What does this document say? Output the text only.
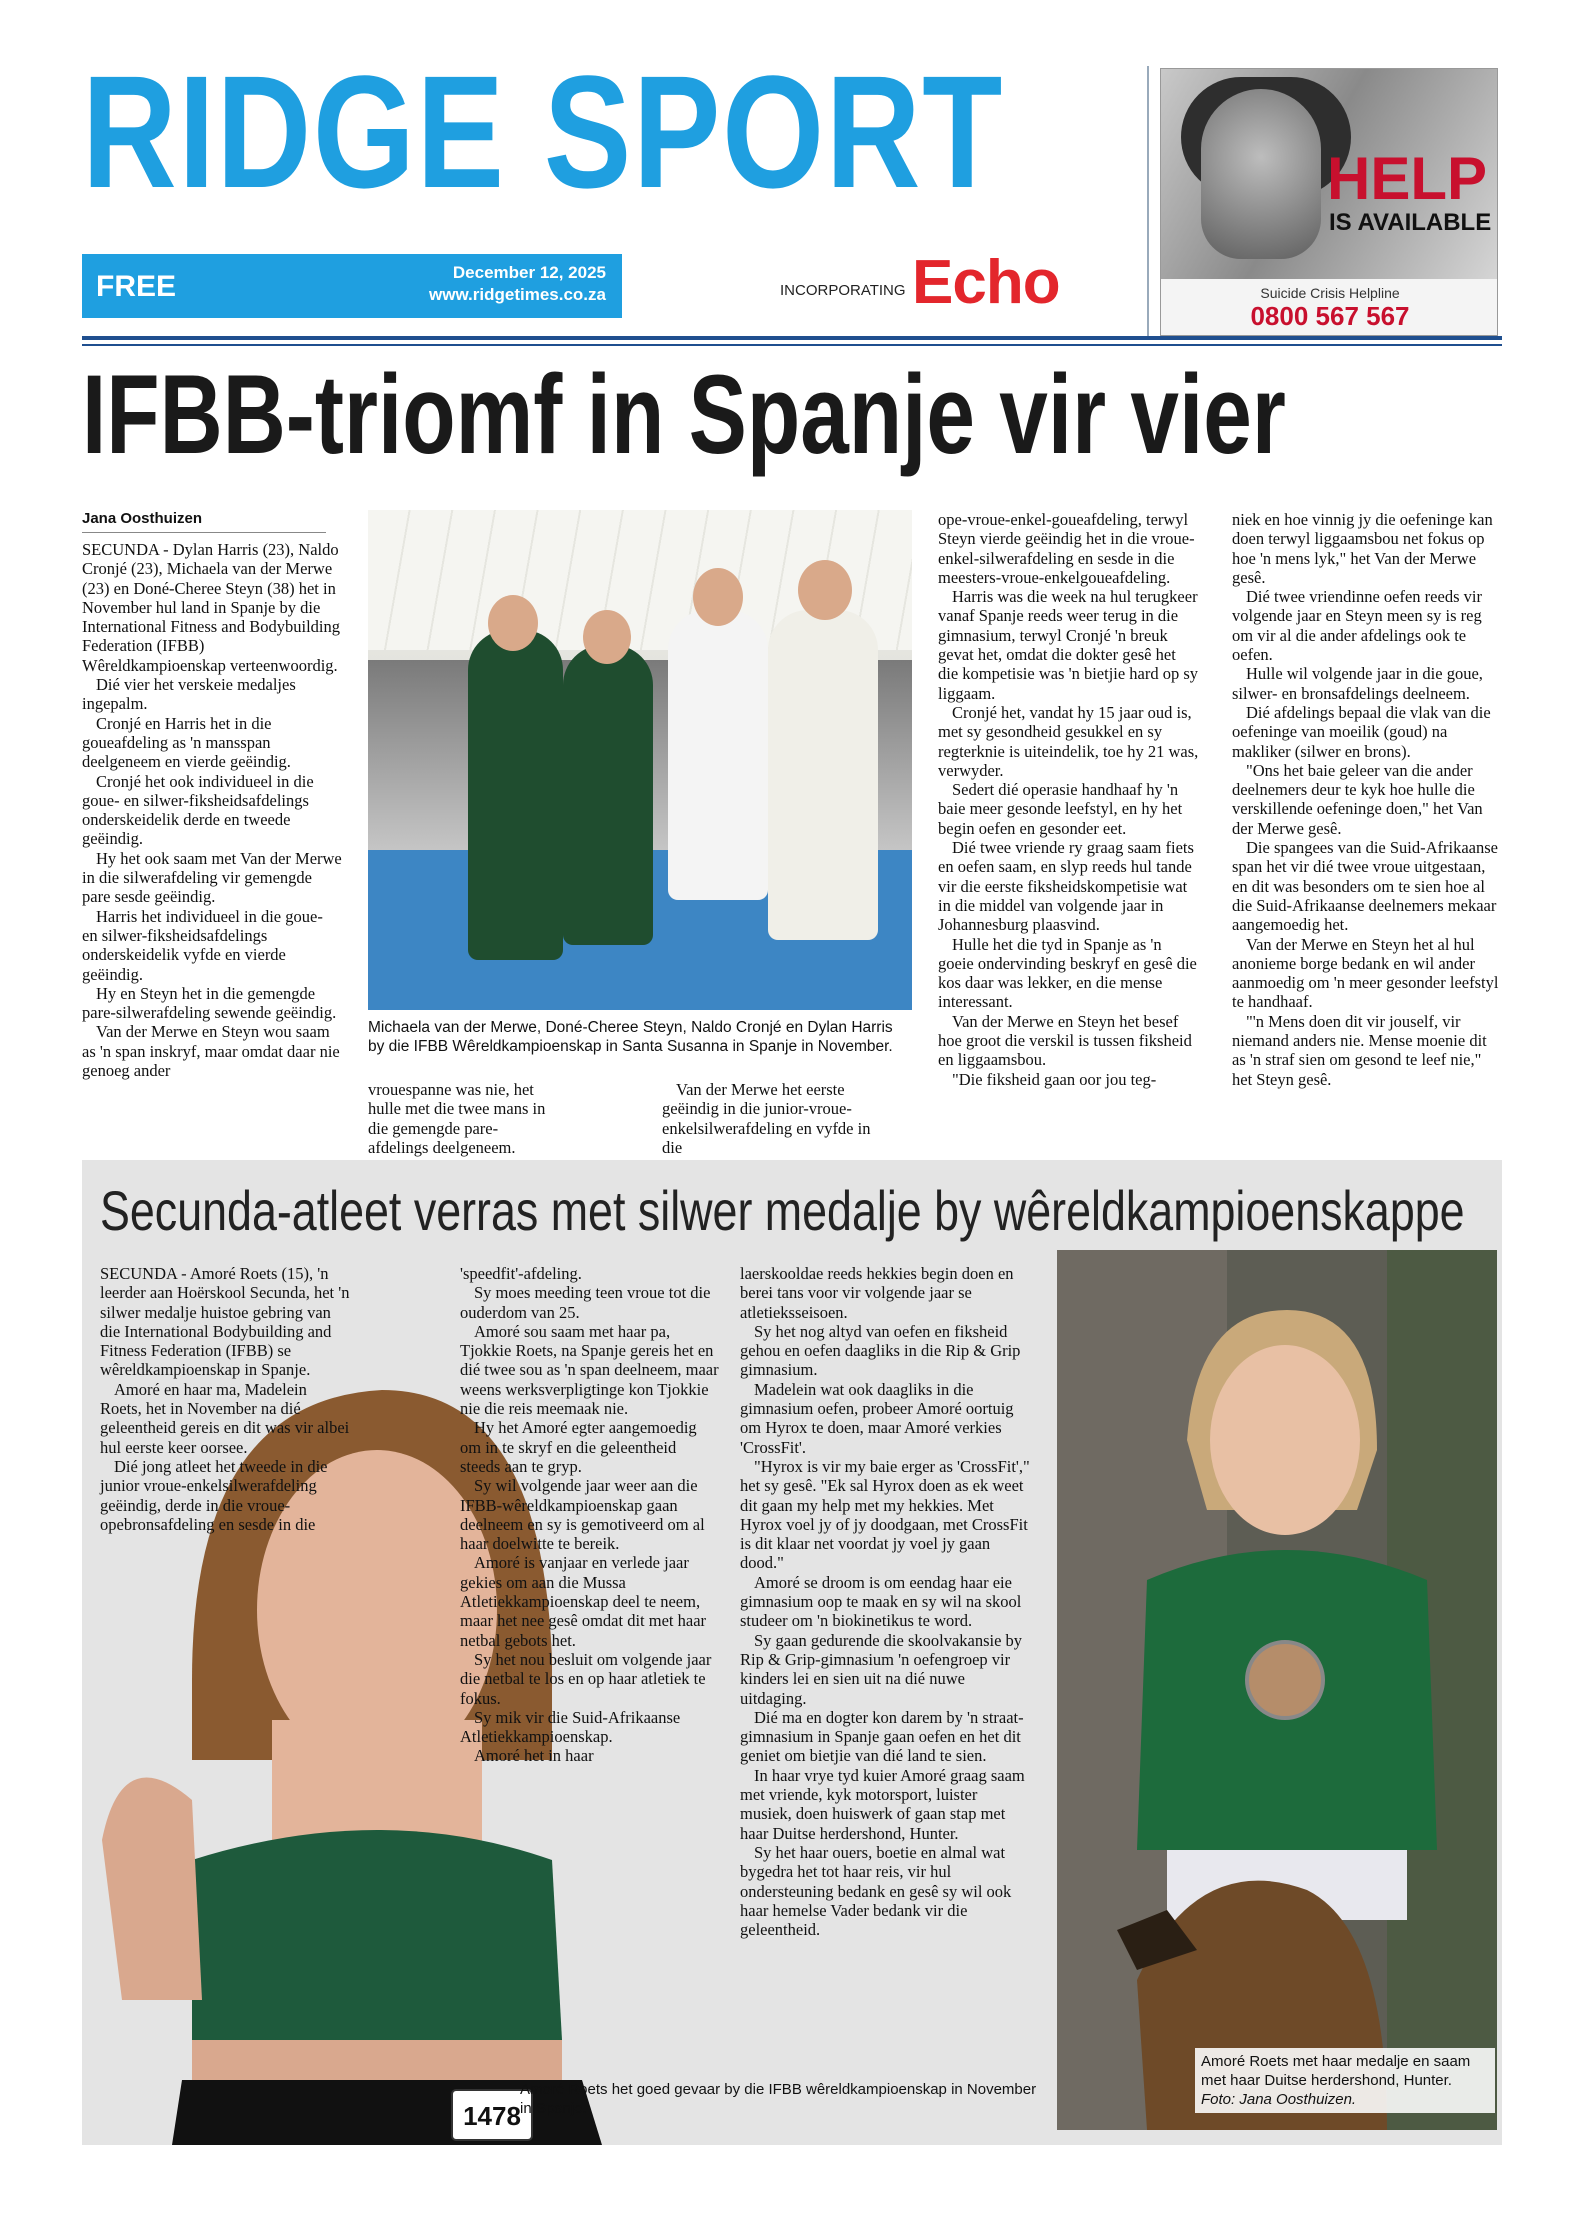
RIDGE SPORT
FREE	December 12, 2025
www.ridgetimes.co.za	INCORPORATING Echo
HELP
IS AVAILABLE
Suicide Crisis Helpline
0800 567 567
IFBB-triomf in Spanje vir vier
Jana Oosthuizen

SECUNDA - Dylan Harris (23), Naldo Cronjé (23), Michaela van der Merwe (23) en Doné-Cheree Steyn (38) het in November hul land in Spanje by die International Fitness and Bodybuilding Federation (IFBB) Wêreldkampioenskap verteenwoordig.

Dié vier het verskeie medaljes ingepalm.

Cronjé en Harris het in die goueafdeling as 'n mansspan deelgeneem en vierde geëindig.

Cronjé het ook individueel in die goue- en silwer-fiksheidsafdelings onderskeidelik derde en tweede geëindig.

Hy het ook saam met Van der Merwe in die silwerafdeling vir gemengde pare sesde geëindig.

Harris het individueel in die goue- en silwer-fiksheidsafdelings onderskeidelik vyfde en vierde geëindig.

Hy en Steyn het in die gemengde pare-silwerafdeling sewende geëindig.

Van der Merwe en Steyn wou saam as 'n span inskryf, maar omdat daar nie genoeg ander

Michaela van der Merwe, Doné-Cheree Steyn, Naldo Cronjé en Dylan Harris by die IFBB Wêreldkampioenskap in Santa Susanna in Spanje in November.

vrouespanne was nie, het hulle met die twee mans in die gemengde pare-afdelings deelgeneem.

Van der Merwe het eerste geëindig in die junior-vroue-enkelsilwerafdeling en vyfde in die

ope-vroue-enkel-goueafdeling, terwyl Steyn vierde geëindig het in die vroue-enkel-silwerafdeling en sesde in die meesters-vroue-enkelgoueafdeling.

Harris was die week na hul terugkeer vanaf Spanje reeds weer terug in die gimnasium, terwyl Cronjé 'n breuk gevat het, omdat die dokter gesê het die kompetisie was 'n bietjie hard op sy liggaam.

Cronjé het, vandat hy 15 jaar oud is, met sy gesondheid gesukkel en sy regterknie is uiteindelik, toe hy 21 was, verwyder.

Sedert dié operasie handhaaf hy 'n baie meer gesonde leefstyl, en hy het begin oefen en gesonder eet.

Dié twee vriende ry graag saam fiets en oefen saam, en slyp reeds hul tande vir die eerste fiksheidskompetisie wat in die middel van volgende jaar in Johannesburg plaasvind.

Hulle het die tyd in Spanje as 'n goeie ondervinding beskryf en gesê die kos daar was lekker, en die mense interessant.

Van der Merwe en Steyn het besef hoe groot die verskil is tussen fiksheid en liggaamsbou.

"Die fiksheid gaan oor jou teg-

niek en hoe vinnig jy die oefeninge kan doen terwyl liggaamsbou net fokus op hoe 'n mens lyk," het Van der Merwe gesê.

Dié twee vriendinne oefen reeds vir volgende jaar en Steyn meen sy is reg om vir al die ander afdelings ook te oefen.

Hulle wil volgende jaar in die goue, silwer- en bronsafdelings deelneem.

Dié afdelings bepaal die vlak van die oefeninge van moeilik (goud) na makliker (silwer en brons).

"Ons het baie geleer van die ander deelnemers deur te kyk hoe hulle die verskillende oefeninge doen," het Van der Merwe gesê.

Die spangees van die Suid-Afrikaanse span het vir dié twee vroue uitgestaan, en dit was besonders om te sien hoe al die Suid-Afrikaanse deelnemers mekaar aangemoedig het.

Van der Merwe en Steyn het al hul anonieme borge bedank en wil ander aanmoedig om 'n meer gesonder leefstyl te handhaaf.

"'n Mens doen dit vir jouself, vir niemand anders nie. Mense moenie dit as 'n straf sien om gesond te leef nie," het Steyn gesê.

Secunda-atleet verras met silwer medalje by wêreldkampioenskappe
1478

SECUNDA - Amoré Roets (15), 'n leerder aan Hoërskool Secunda, het 'n silwer medalje huistoe gebring van die International Bodybuilding and Fitness Federation (IFBB) se wêreldkampioenskap in Spanje.

Amoré en haar ma, Madelein Roets, het in November na dié geleentheid gereis en dit was vir albei hul eerste keer oorsee.

Dié jong atleet het tweede in die junior vroue-enkelsilwerafdeling geëindig, derde in die vroue-opebronsafdeling en sesde in die

'speedfit'-afdeling.

Sy moes meeding teen vroue tot die ouderdom van 25.

Amoré sou saam met haar pa, Tjokkie Roets, na Spanje gereis het en dié twee sou as 'n span deelneem, maar weens werksverpligtinge kon Tjokkie nie die reis meemaak nie.

Hy het Amoré egter aangemoedig om in te skryf en die geleentheid steeds aan te gryp.

Sy wil volgende jaar weer aan die IFBB-wêreldkampioenskap gaan deelneem en sy is gemotiveerd om al haar doelwitte te bereik.

Amoré is vanjaar en verlede jaar gekies om aan die Mussa Atletiekkampioenskap deel te neem, maar het nee gesê omdat dit met haar netbal gebots het.

Sy het nou besluit om volgende jaar die netbal te los en op haar atletiek te fokus.

Sy mik vir die Suid-Afrikaanse Atletiekkampioenskap.

Amoré het in haar

laerskooldae reeds hekkies begin doen en berei tans voor vir volgende jaar se atletieksseisoen.

Sy het nog altyd van oefen en fiksheid gehou en oefen daagliks in die Rip & Grip gimnasium.

Madelein wat ook daagliks in die gimnasium oefen, probeer Amoré oortuig om Hyrox te doen, maar Amoré verkies 'CrossFit'.

"Hyrox is vir my baie erger as 'CrossFit'," het sy gesê. "Ek sal Hyrox doen as ek weet dit gaan my help met my hekkies. Met Hyrox voel jy of jy doodgaan, met CrossFit is dit klaar net voordat jy voel jy gaan dood."

Amoré se droom is om eendag haar eie gimnasium oop te maak en sy wil na skool studeer om 'n biokinetikus te word.

Sy gaan gedurende die skoolvakansie by Rip & Grip-gimnasium 'n oefengroep vir kinders lei en sien uit na dié nuwe uitdaging.

Dié ma en dogter kon darem by 'n straat-gimnasium in Spanje gaan oefen en het dit geniet om bietjie van dié land te sien.

In haar vrye tyd kuier Amoré graag saam met vriende, kyk motorsport, luister musiek, doen huiswerk of gaan stap met haar Duitse herdershond, Hunter.

Sy het haar ouers, boetie en almal wat bygedra het tot haar reis, vir hul ondersteuning bedank en gesê sy wil ook haar hemelse Vader bedank vir die geleentheid.

Amoré Roets het goed gevaar by die IFBB wêreldkampioenskap in November in Spanje.
Amoré Roets met haar medalje en saam met haar Duitse herdershond, Hunter. Foto: Jana Oosthuizen.
